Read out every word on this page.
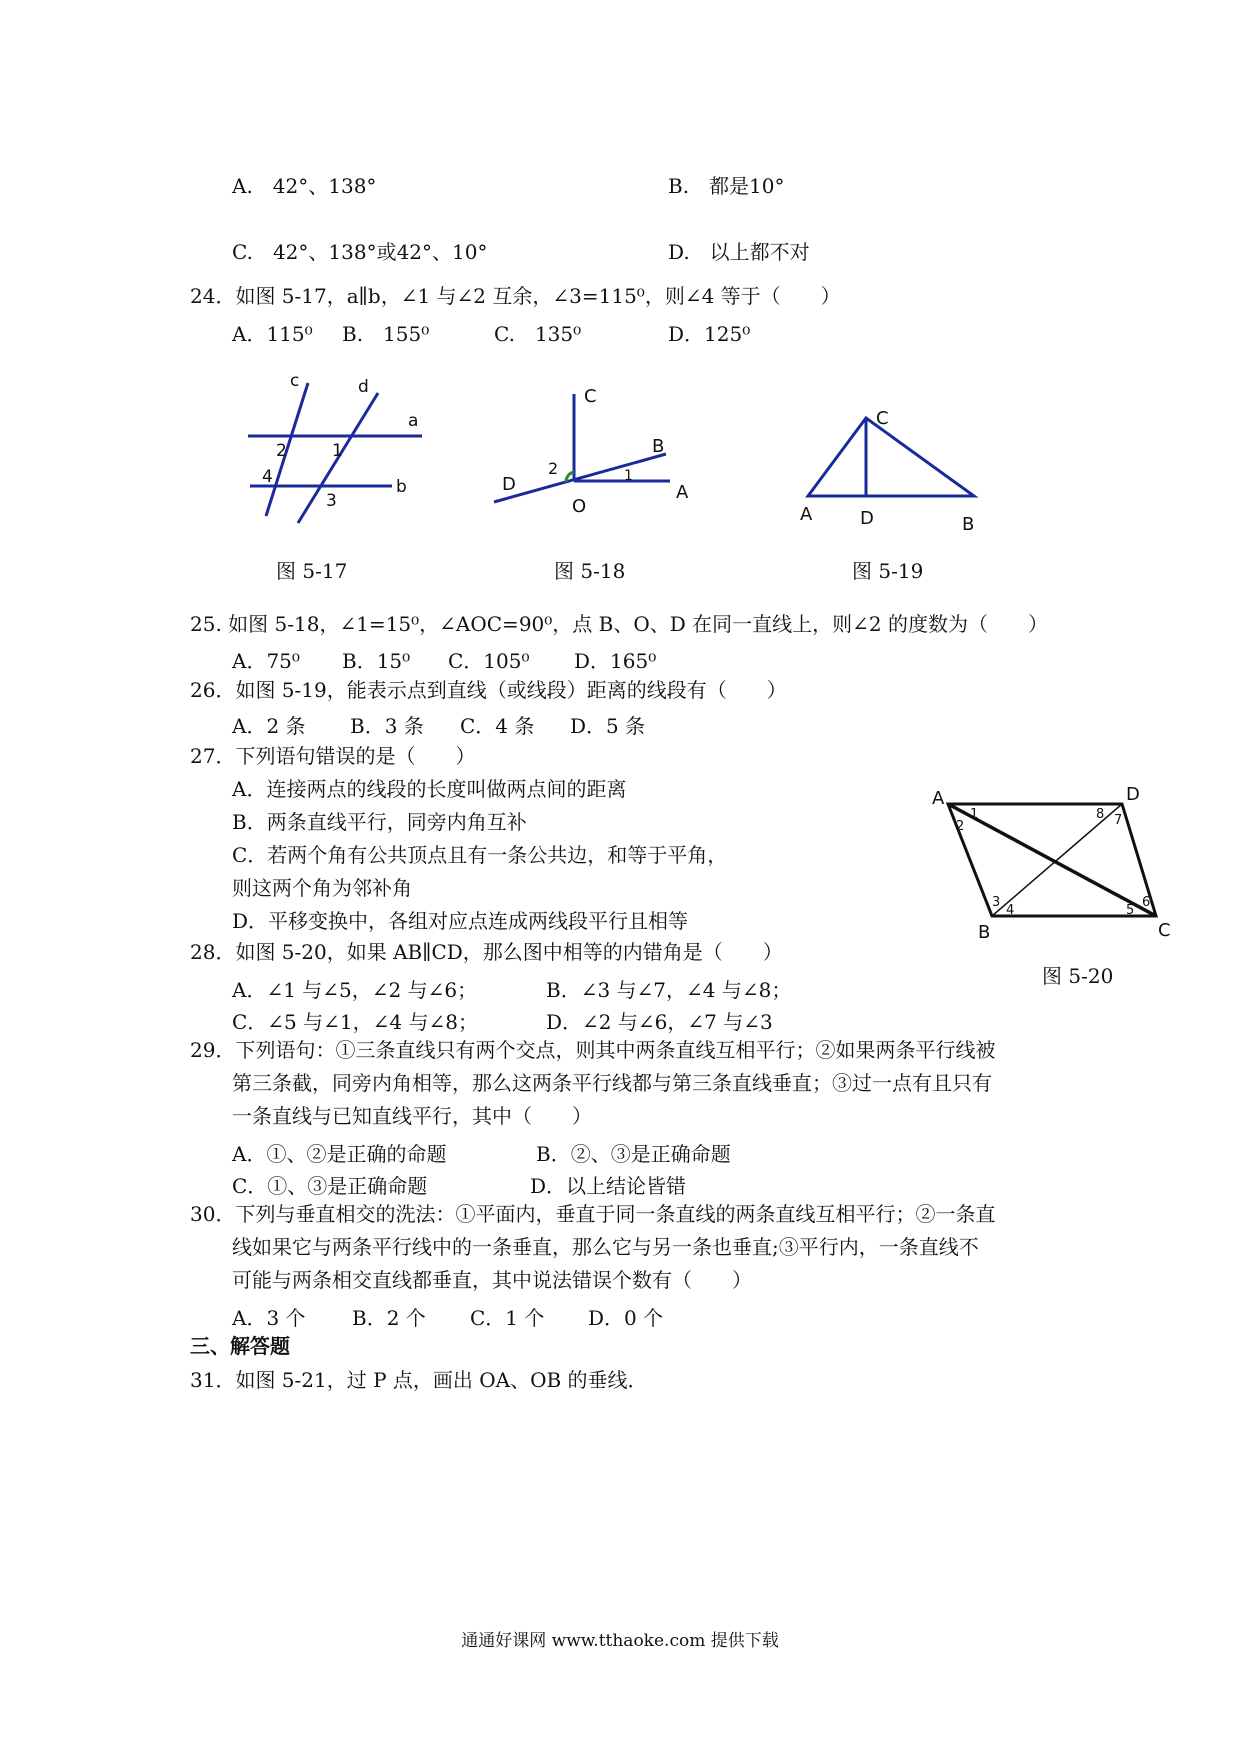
A.　42°、138°	B.　都是10°
C.　42°、138°或42°、10°	D.　以上都不对
24．如图 5-17，a∥b，∠1 与∠2 互余，∠3=115⁰，则∠4 等于（　　）
A．115⁰ B.　155⁰	C.　135⁰	D．125⁰
c	d
a
b
2	1
4
3
图 5-17
C
B
D
O
A
1
2
图 5-18
C
A	D	B
图 5-19
25. 如图 5-18，∠1=15⁰，∠AOC=90⁰，点 B、O、D 在同一直线上，则∠2 的度数为（　　）
A．75⁰ B．15⁰ C．105⁰ D．165⁰
26．如图 5-19，能表示点到直线（或线段）距离的线段有（　　）
A．2 条 B．3 条 C．4 条 D．5 条
27．下列语句错误的是（　　）
A．连接两点的线段的长度叫做两点间的距离
B．两条直线平行，同旁内角互补
C．若两个角有公共顶点且有一条公共边，和等于平角，
则这两个角为邻补角
D．平移变换中，各组对应点连成两线段平行且相等
A	D
B	C
1
2
8 7
3
4	5
6
图 5-20
28．如图 5-20，如果 AB∥CD，那么图中相等的内错角是（　　）
A．∠1 与∠5，∠2 与∠6；	B．∠3 与∠7，∠4 与∠8；
C．∠5 与∠1，∠4 与∠8；	D．∠2 与∠6，∠7 与∠3
29．下列语句：①三条直线只有两个交点，则其中两条直线互相平行；②如果两条平行线被
第三条截，同旁内角相等，那么这两条平行线都与第三条直线垂直；③过一点有且只有
一条直线与已知直线平行，其中（　　）
A．①、②是正确的命题	B．②、③是正确命题
C．①、③是正确命题	D．以上结论皆错
30．下列与垂直相交的洗法：①平面内，垂直于同一条直线的两条直线互相平行；②一条直
线如果它与两条平行线中的一条垂直，那么它与另一条也垂直;③平行内，一条直线不
可能与两条相交直线都垂直，其中说法错误个数有（　　）
A．3 个 B．2 个 C．1 个 D．0 个
三、解答题
31．如图 5-21，过 P 点，画出 OA、OB 的垂线．
通通好课网 www.tthaoke.com 提供下载
